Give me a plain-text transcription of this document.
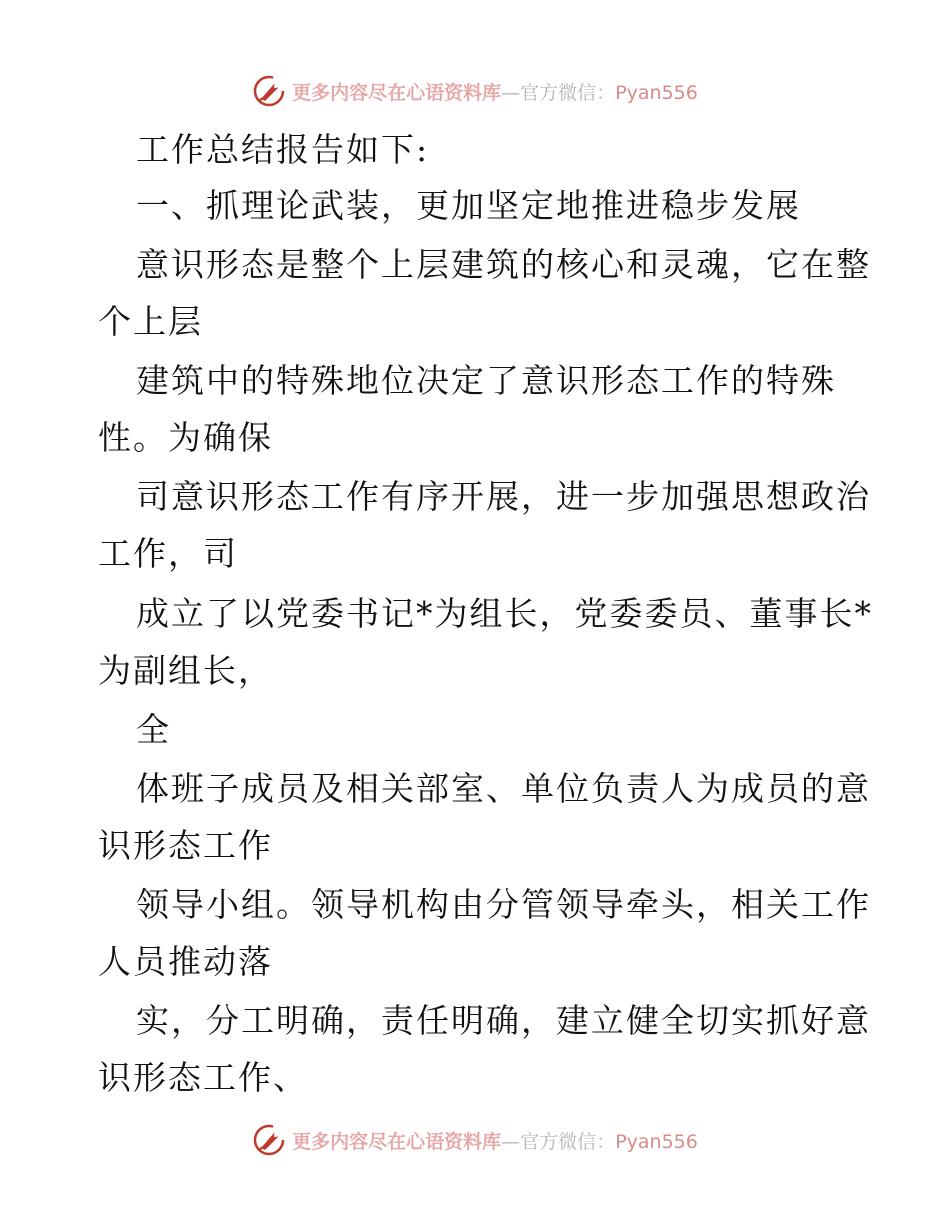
更多内容尽在心语资料库—官方微信：Pyan556
工作总结报告如下:
一、抓理论武装，更加坚定地推进稳步发展
意识形态是整个上层建筑的核心和灵魂，它在整
个上层
建筑中的特殊地位决定了意识形态工作的特殊
性。为确保
司意识形态工作有序开展，进一步加强思想政治
工作，司
成立了以党委书记*为组长，党委委员、董事长*
为副组长，
全
体班子成员及相关部室、单位负责人为成员的意
识形态工作
领导小组。领导机构由分管领导牵头，相关工作
人员推动落
实，分工明确，责任明确，建立健全切实抓好意
识形态工作、
更多内容尽在心语资料库—官方微信：Pyan556
